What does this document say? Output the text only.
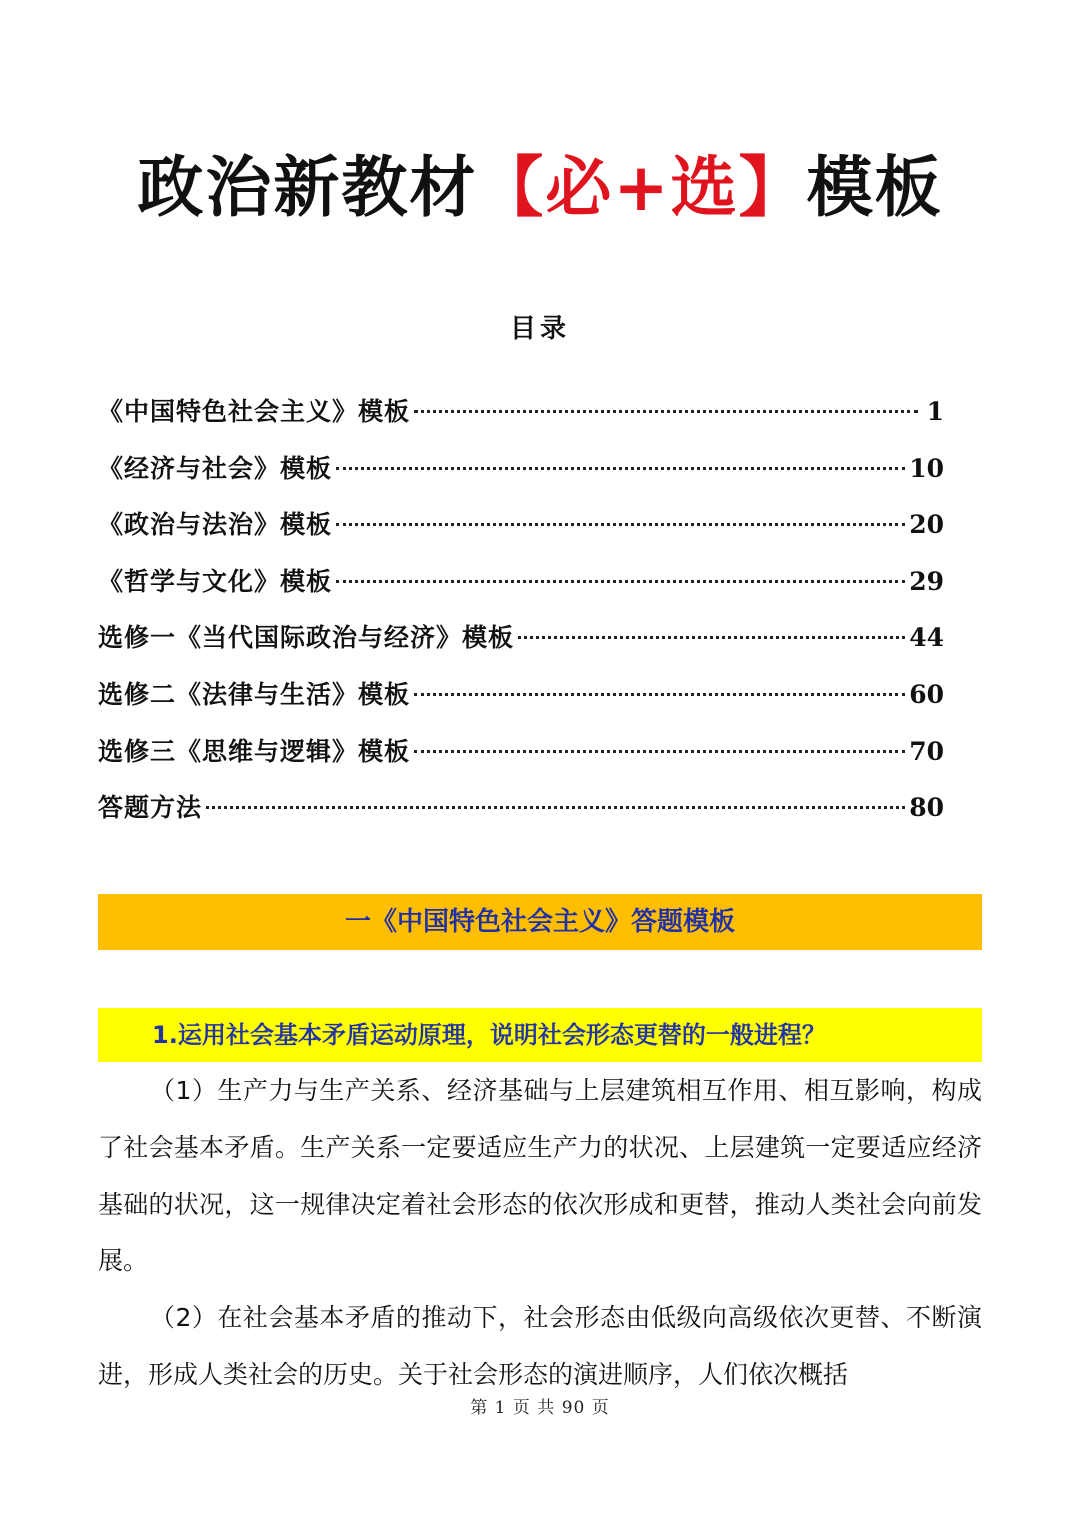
政治新教材【必+选】模板
目录
《中国特色社会主义》模板	1
《经济与社会》模板	10
《政治与法治》模板	20
《哲学与文化》模板	29
选修一《当代国际政治与经济》模板	44
选修二《法律与生活》模板	60
选修三《思维与逻辑》模板	70
答题方法	80
一《中国特色社会主义》答题模板
1.运用社会基本矛盾运动原理，说明社会形态更替的一般进程？

（1）生产力与生产关系、经济基础与上层建筑相互作用、相互影响，构成了社会基本矛盾。生产关系一定要适应生产力的状况、上层建筑一定要适应经济基础的状况，这一规律决定着社会形态的依次形成和更替，推动人类社会向前发展。

（2）在社会基本矛盾的推动下，社会形态由低级向高级依次更替、不断演进，形成人类社会的历史。关于社会形态的演进顺序，人们依次概括

第 1 页 共 90 页
